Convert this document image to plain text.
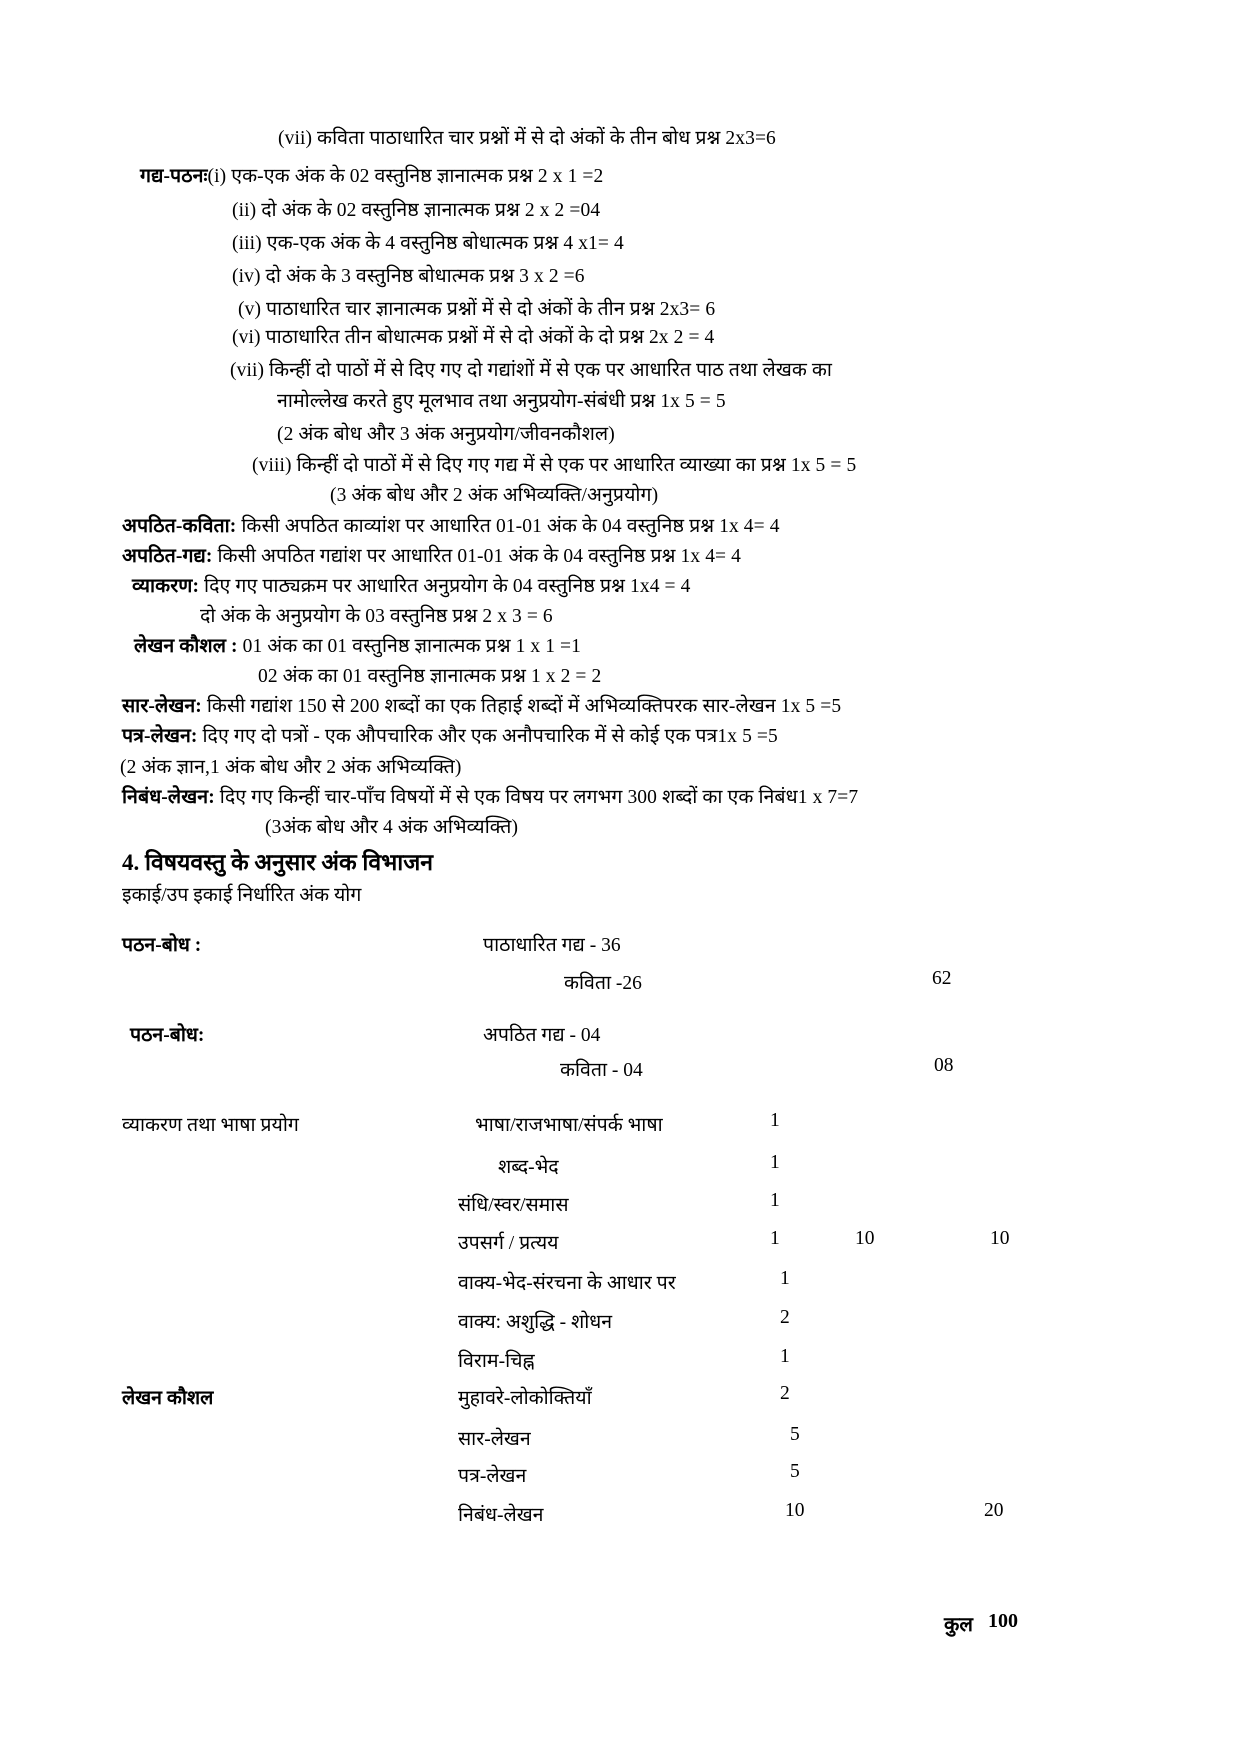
(vii) कविता पाठाधारित चार प्रश्नों में से दो अंकों के तीन बोध प्रश्न 2x3=6
गद्य-पठनः(i) एक-एक अंक के 02 वस्तुनिष्ठ ज्ञानात्मक प्रश्न 2 x 1 =2
(ii) दो अंक के 02 वस्तुनिष्ठ ज्ञानात्मक प्रश्न 2 x 2 =04
(iii) एक-एक अंक के 4 वस्तुनिष्ठ बोधात्मक प्रश्न 4 x1= 4
(iv) दो अंक के 3 वस्तुनिष्ठ बोधात्मक प्रश्न 3 x 2 =6
(v) पाठाधारित चार ज्ञानात्मक प्रश्नों में से दो अंकों के तीन प्रश्न 2x3= 6
(vi) पाठाधारित तीन बोधात्मक प्रश्नों में से दो अंकों के दो प्रश्न 2x 2 = 4
(vii) किन्हीं दो पाठों में से दिए गए दो गद्यांशों में से एक पर आधारित पाठ तथा लेखक का
नामोल्लेख करते हुए मूलभाव तथा अनुप्रयोग-संबंधी प्रश्न 1x 5 = 5
(2 अंक बोध और 3 अंक अनुप्रयोग/जीवनकौशल)
(viii) किन्हीं दो पाठों में से दिए गए गद्य में से एक पर आधारित व्याख्या का प्रश्न 1x 5 = 5
(3 अंक बोध और 2 अंक अभिव्यक्ति/अनुप्रयोग)
अपठित-कविता: किसी अपठित काव्यांश पर आधारित 01-01 अंक के 04 वस्तुनिष्ठ प्रश्न 1x 4= 4
अपठित-गद्य: किसी अपठित गद्यांश पर आधारित 01-01 अंक के 04 वस्तुनिष्ठ प्रश्न 1x 4= 4
व्याकरण: दिए गए पाठ्यक्रम पर आधारित अनुप्रयोग के 04 वस्तुनिष्ठ प्रश्न 1x4 = 4
दो अंक के अनुप्रयोग के 03 वस्तुनिष्ठ प्रश्न 2 x 3 = 6
लेखन कौशल : 01 अंक का 01 वस्तुनिष्ठ ज्ञानात्मक प्रश्न 1 x 1 =1
02 अंक का 01 वस्तुनिष्ठ ज्ञानात्मक प्रश्न 1 x 2 = 2
सार-लेखन: किसी गद्यांश 150 से 200 शब्दों का एक तिहाई शब्दों में अभिव्यक्तिपरक सार-लेखन 1x 5 =5
पत्र-लेखन: दिए गए दो पत्रों - एक औपचारिक और एक अनौपचारिक में से कोई एक पत्र1x 5 =5
(2 अंक ज्ञान,1 अंक बोध और 2 अंक अभिव्यक्ति)
निबंध-लेखन: दिए गए किन्हीं चार-पाँच विषयों में से एक विषय पर लगभग 300 शब्दों का एक निबंध1 x 7=7
(3अंक बोध और 4 अंक अभिव्यक्ति)
4. विषयवस्तु के अनुसार अंक विभाजन
इकाई/उप इकाई निर्धारित अंक योग
पठन-बोध :	पाठाधारित गद्य - 36
कविता -26	62
पठन-बोध:	अपठित गद्य - 04
कविता - 04	08
व्याकरण तथा भाषा प्रयोग	भाषा/राजभाषा/संपर्क भाषा	1
शब्द-भेद	1
संधि/स्वर/समास	1
उपसर्ग / प्रत्यय	1	10	10
वाक्य-भेद-संरचना के आधार पर	1
वाक्य: अशुद्धि - शोधन	2
विराम-चिह्न	1
लेखन कौशल	मुहावरे-लोकोक्तियाँ	2
सार-लेखन	5
पत्र-लेखन	5
निबंध-लेखन	10	20
कुल 100
